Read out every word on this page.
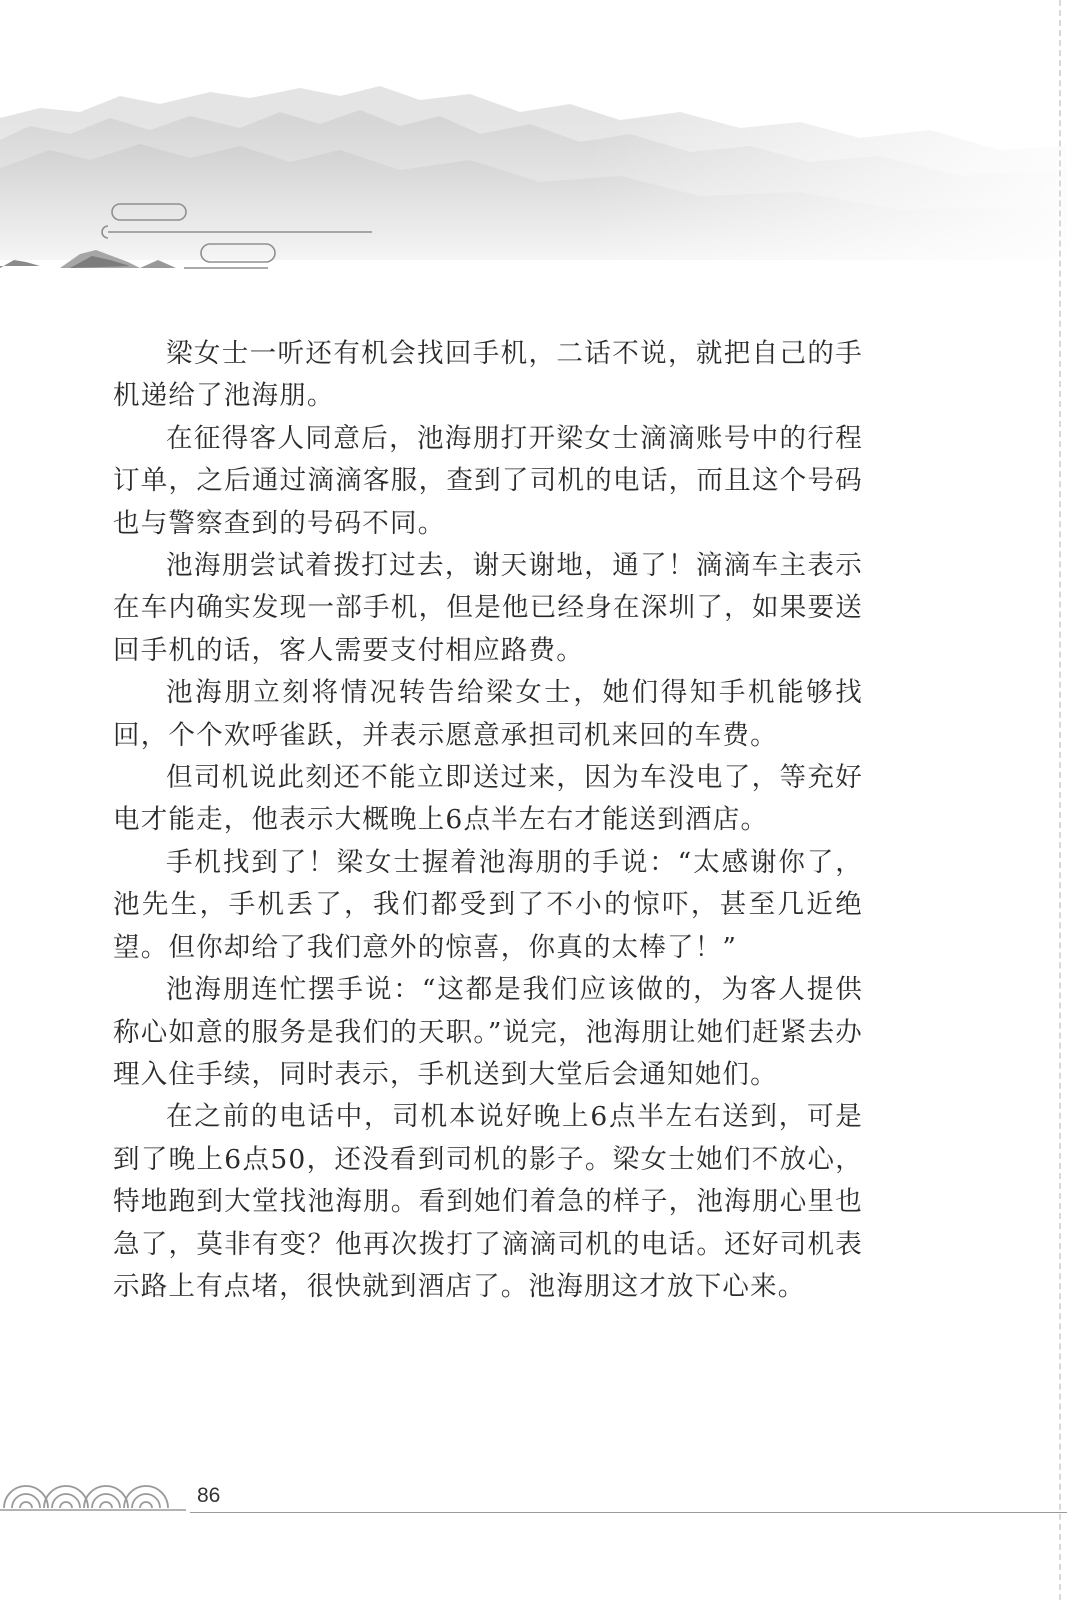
梁女士一听还有机会找回手机，二话不说，就把自己的手机递给了池海朋。

在征得客人同意后，池海朋打开梁女士滴滴账号中的行程订单，之后通过滴滴客服，查到了司机的电话，而且这个号码也与警察查到的号码不同。

池海朋尝试着拨打过去，谢天谢地，通了！滴滴车主表示在车内确实发现一部手机，但是他已经身在深圳了，如果要送回手机的话，客人需要支付相应路费。

池海朋立刻将情况转告给梁女士，她们得知手机能够找回，个个欢呼雀跃，并表示愿意承担司机来回的车费。

但司机说此刻还不能立即送过来，因为车没电了，等充好电才能走，他表示大概晚上6点半左右才能送到酒店。

手机找到了！梁女士握着池海朋的手说：“太感谢你了，池先生，手机丢了，我们都受到了不小的惊吓，甚至几近绝望。但你却给了我们意外的惊喜，你真的太棒了！”

池海朋连忙摆手说：“这都是我们应该做的，为客人提供称心如意的服务是我们的天职。”说完，池海朋让她们赶紧去办理入住手续，同时表示，手机送到大堂后会通知她们。

在之前的电话中，司机本说好晚上6点半左右送到，可是到了晚上6点50，还没看到司机的影子。梁女士她们不放心，特地跑到大堂找池海朋。看到她们着急的样子，池海朋心里也急了，莫非有变？他再次拨打了滴滴司机的电话。还好司机表示路上有点堵，很快就到酒店了。池海朋这才放下心来。

86
